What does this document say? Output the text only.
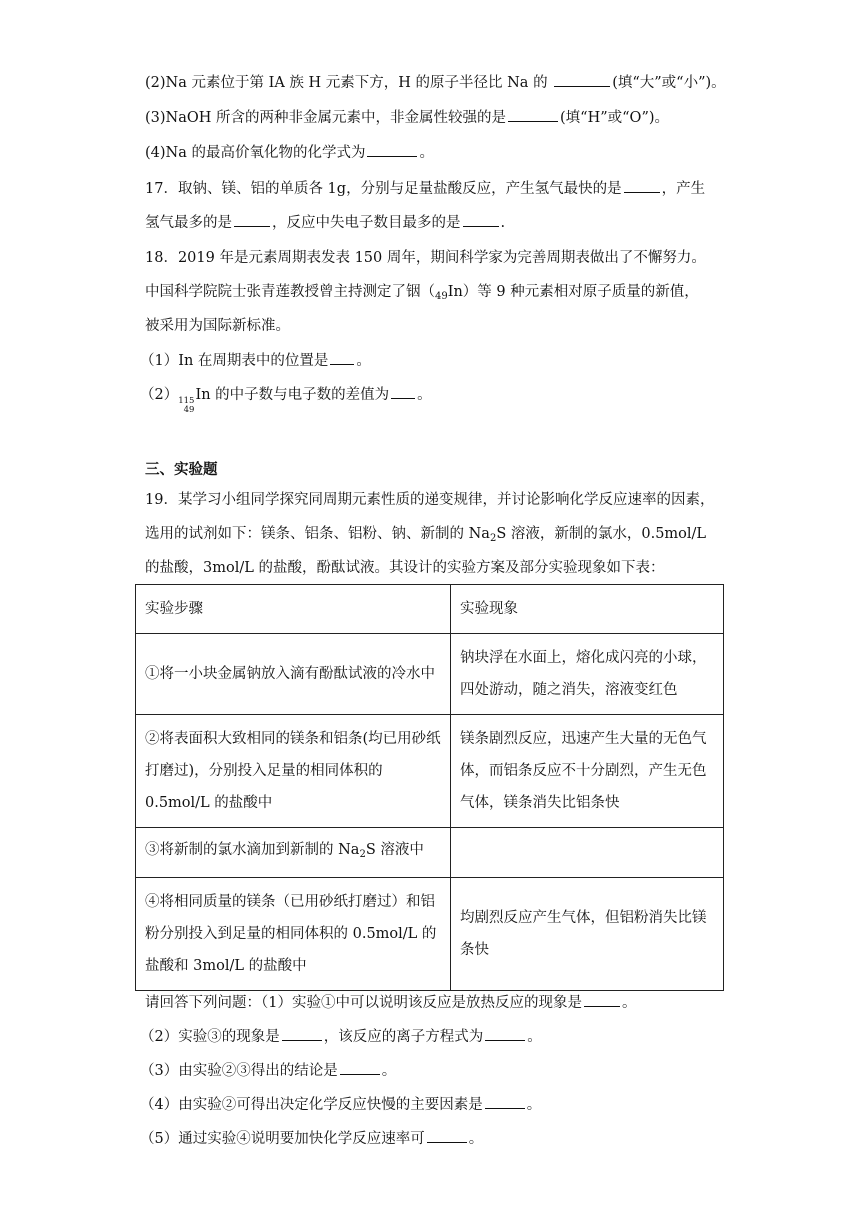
(2)Na 元素位于第 IA 族 H 元素下方，H 的原子半径比 Na 的	(填“大”或“小”)。
(3)NaOH 所含的两种非金属元素中，非金属性较强的是	(填“H”或“O”)。
(4)Na 的最高价氧化物的化学式为	。
17．取钠、镁、铝的单质各 1g，分别与足量盐酸反应，产生氢气最快的是	，产生
氢气最多的是	，反应中失电子数目最多的是	.
18．2019 年是元素周期表发表 150 周年，期间科学家为完善周期表做出了不懈努力。
中国科学院院士张青莲教授曾主持测定了铟$(_{49}In)$等 9 种元素相对原子质量的新值，
被采用为国际新标准。
（1）In 在周期表中的位置是 。
（2） 115
49
In 的中子数与电子数的差值为 。
三、实验题
19．某学习小组同学探究同周期元素性质的递变规律，并讨论影响化学反应速率的因素，
选用的试剂如下：镁条、铝条、铝粉、钠、新制的 $Na_2S$ 溶液，新制的氯水，0.5mol/L
的盐酸，3mol/L 的盐酸，酚酞试液。其设计的实验方案及部分实验现象如下表：
实验步骤	实验现象
①将一小块金属钠放入滴有酚酞试液的冷水中	钠块浮在水面上，熔化成闪亮的小球，四处游动，随之消失，溶液变红色
②将表面积大致相同的镁条和铝条(均已用砂纸打磨过)，分别投入足量的相同体积的 0.5mol/L 的盐酸中	镁条剧烈反应，迅速产生大量的无色气体，而铝条反应不十分剧烈，产生无色气体，镁条消失比铝条快
③将新制的氯水滴加到新制的 $Na_2S$ 溶液中	
④将相同质量的镁条（已用砂纸打磨过）和铝粉分别投入到足量的相同体积的 0.5mol/L 的盐酸和 3mol/L 的盐酸中	均剧烈反应产生气体，但铝粉消失比镁条快
请回答下列问题：（1）实验①中可以说明该反应是放热反应的现象是	。
（2）实验③的现象是	，该反应的离子方程式为	。
（3）由实验②③得出的结论是	。
（4）由实验②可得出决定化学反应快慢的主要因素是	。
（5）通过实验④说明要加快化学反应速率可	。
